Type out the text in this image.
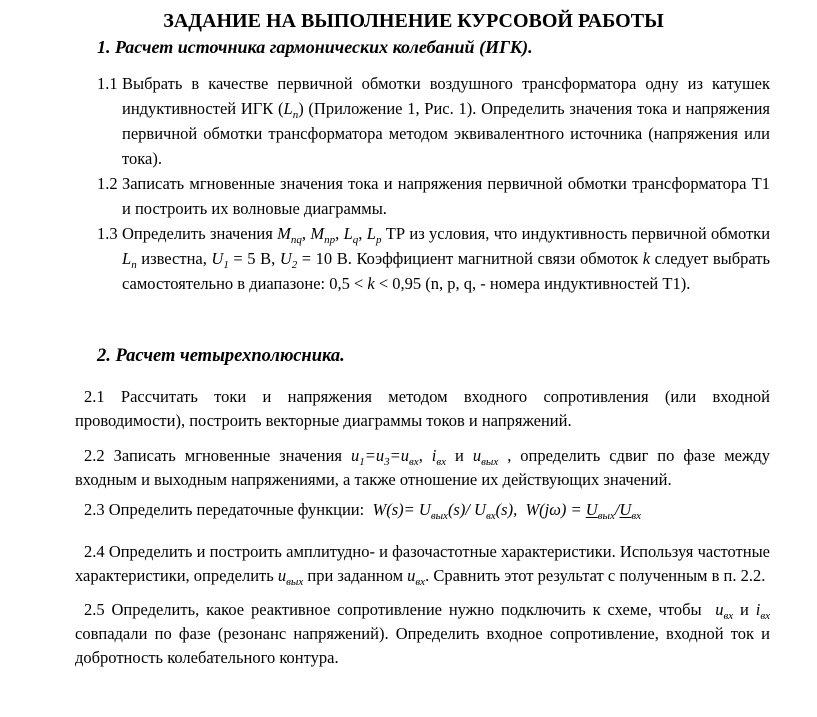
ЗАДАНИЕ НА ВЫПОЛНЕНИЕ КУРСОВОЙ РАБОТЫ
1. Расчет источника гармонических колебаний (ИГК).
1.1 Выбрать в качестве первичной обмотки воздушного трансформатора одну из катушек индуктивностей ИГК $(L_n)$ (Приложение 1, Рис. 1). Определить значения тока и напряжения первичной обмотки трансформатора методом эквивалентного источника (напряжения или тока).
1.2 Записать мгновенные значения тока и напряжения первичной обмотки трансформатора Т1 и построить их волновые диаграммы.
1.3 Определить значения $M_{nq}$, $M_{np}$, $L_q$, $L_p$ ТР из условия, что индуктивность первичной обмотки $L_n$ известна, $U_1 = 5$ В, $U_2 = 10$ В. Коэффициент магнитной связи обмоток k следует выбрать самостоятельно в диапазоне: 0,5 < k < 0,95 (n, p, q, - номера индуктивностей Т1).
2. Расчет четырехполюсника.

2.1 Рассчитать токи и напряжения методом входного сопротивления (или входной проводимости), построить векторные диаграммы токов и напряжений.

2.2 Записать мгновенные значения $u_1=u_3=u_{вх}$, $i_{вх}$ и $u_{вых}$ , определить сдвиг по фазе между входным и выходным напряжениями, а также отношение их действующих значений.

2.3 Определить передаточные функции:  $W(s)= U_{вых}(s)/$ $U_{вх}(s)$,  $W(j\omega) = U_{вых}/U_{вх}$

2.4 Определить и построить амплитудно- и фазочастотные характеристики. Используя частотные характеристики, определить $u_{вых}$ при заданном $u_{вх}$. Сравнить этот результат с полученным в п. 2.2.

2.5 Определить, какое реактивное сопротивление нужно подключить к схеме, чтобы  $u_{вх}$ и $i_{вх}$ совпадали по фазе (резонанс напряжений). Определить входное сопротивление, входной ток и добротность колебательного контура.
